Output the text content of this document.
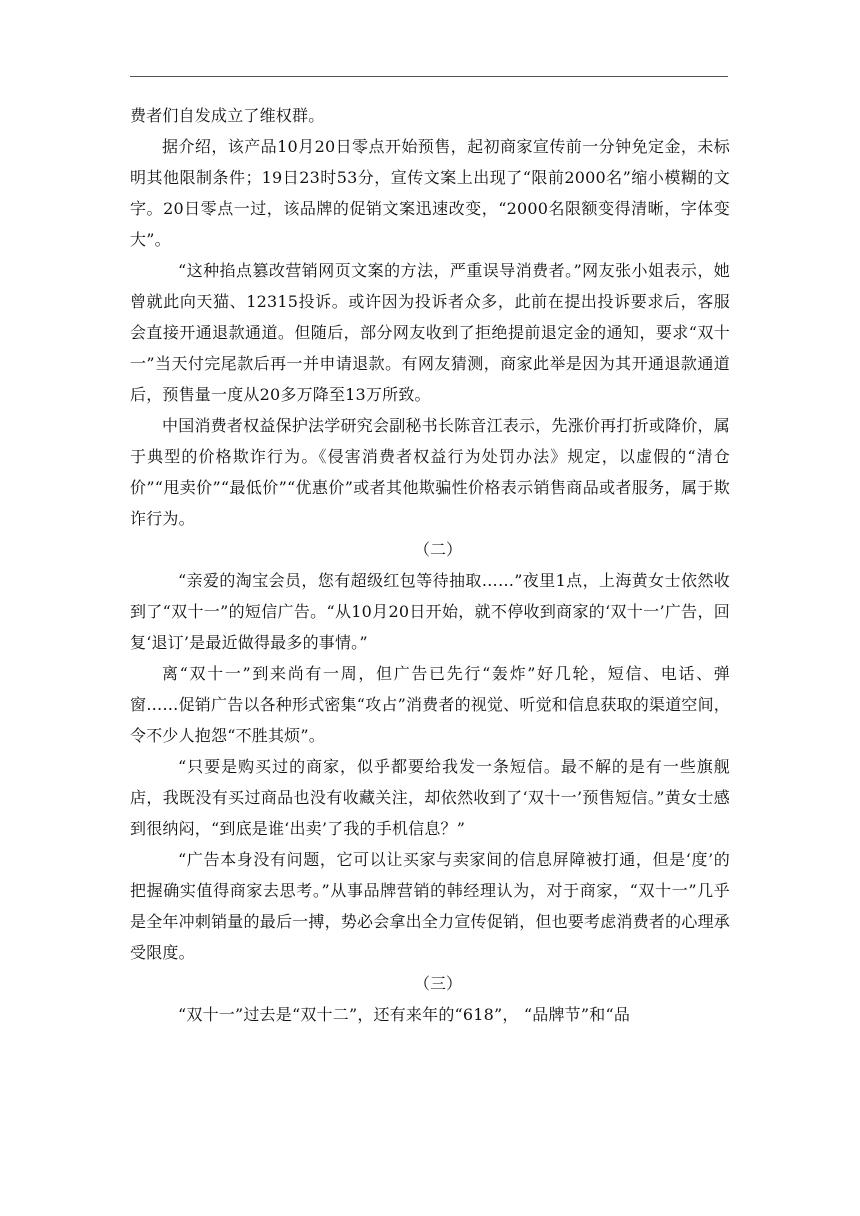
费者们自发成立了维权群。

据介绍，该产品10月20日零点开始预售，起初商家宣传前一分钟免定金，未标明其他限制条件；19日23时53分，宣传文案上出现了“限前2000名”缩小模糊的文字。20日零点一过，该品牌的促销文案迅速改变，“2000名限额变得清晰，字体变大”。

“这种掐点篡改营销网页文案的方法，严重误导消费者。”网友张小姐表示，她曾就此向天猫、12315投诉。或许因为投诉者众多，此前在提出投诉要求后，客服会直接开通退款通道。但随后，部分网友收到了拒绝提前退定金的通知，要求“双十一”当天付完尾款后再一并申请退款。有网友猜测，商家此举是因为其开通退款通道后，预售量一度从20多万降至13万所致。

中国消费者权益保护法学研究会副秘书长陈音江表示，先涨价再打折或降价，属于典型的价格欺诈行为。《侵害消费者权益行为处罚办法》规定，以虚假的“清仓价”“甩卖价”“最低价”“优惠价”或者其他欺骗性价格表示销售商品或者服务，属于欺诈行为。

（二）

“亲爱的淘宝会员，您有超级红包等待抽取……”夜里1点，上海黄女士依然收到了“双十一”的短信广告。“从10月20日开始，就不停收到商家的‘双十一’广告，回复‘退订’是最近做得最多的事情。”

离“双十一”到来尚有一周，但广告已先行“轰炸”好几轮，短信、电话、弹窗……促销广告以各种形式密集“攻占”消费者的视觉、听觉和信息获取的渠道空间，令不少人抱怨“不胜其烦”。

“只要是购买过的商家，似乎都要给我发一条短信。最不解的是有一些旗舰店，我既没有买过商品也没有收藏关注，却依然收到了‘双十一’预售短信。”黄女士感到很纳闷，“到底是谁‘出卖’了我的手机信息？”

“广告本身没有问题，它可以让买家与卖家间的信息屏障被打通，但是‘度’的把握确实值得商家去思考。”从事品牌营销的韩经理认为，对于商家，“双十一”几乎是全年冲刺销量的最后一搏，势必会拿出全力宣传促销，但也要考虑消费者的心理承受限度。

（三）

“双十一”过去是“双十二”，还有来年的“618”， “品牌节”和“品
